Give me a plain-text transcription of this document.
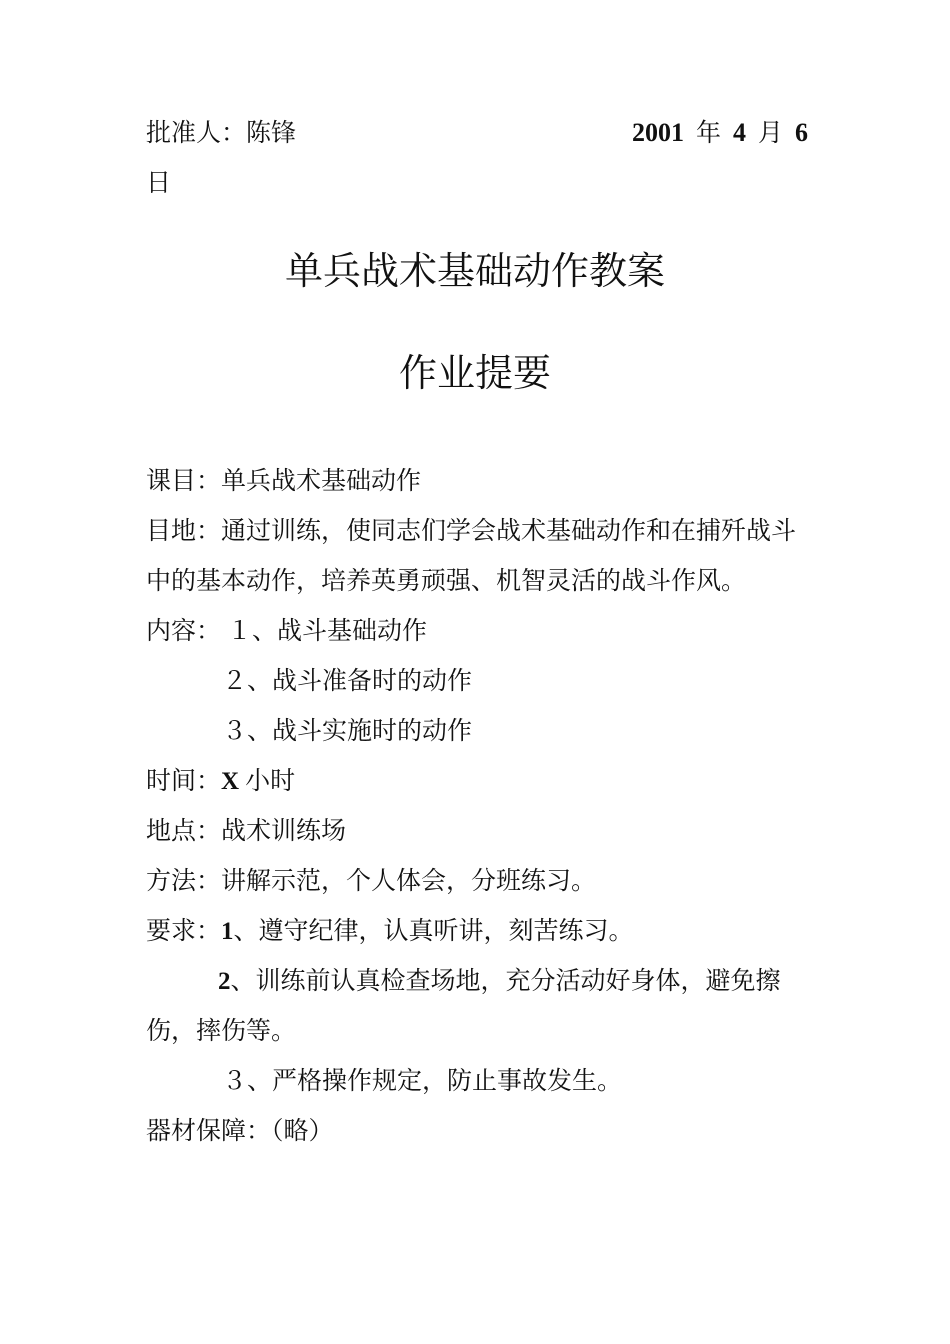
批准人：陈锋	2001 年 4 月 6
日
单兵战术基础动作教案
作业提要
课目：单兵战术基础动作
目地：通过训练，使同志们学会战术基础动作和在捕歼战斗
中的基本动作，培养英勇顽强、机智灵活的战斗作风。
内容： １、战斗基础动作
２、战斗准备时的动作
３、战斗实施时的动作
时间：X 小时
地点：战术训练场
方法：讲解示范，个人体会，分班练习。
要求：1、遵守纪律，认真听讲，刻苦练习。
2、训练前认真检查场地，充分活动好身体，避免擦
伤，摔伤等。
３、严格操作规定，防止事故发生。
器材保障：（略）
